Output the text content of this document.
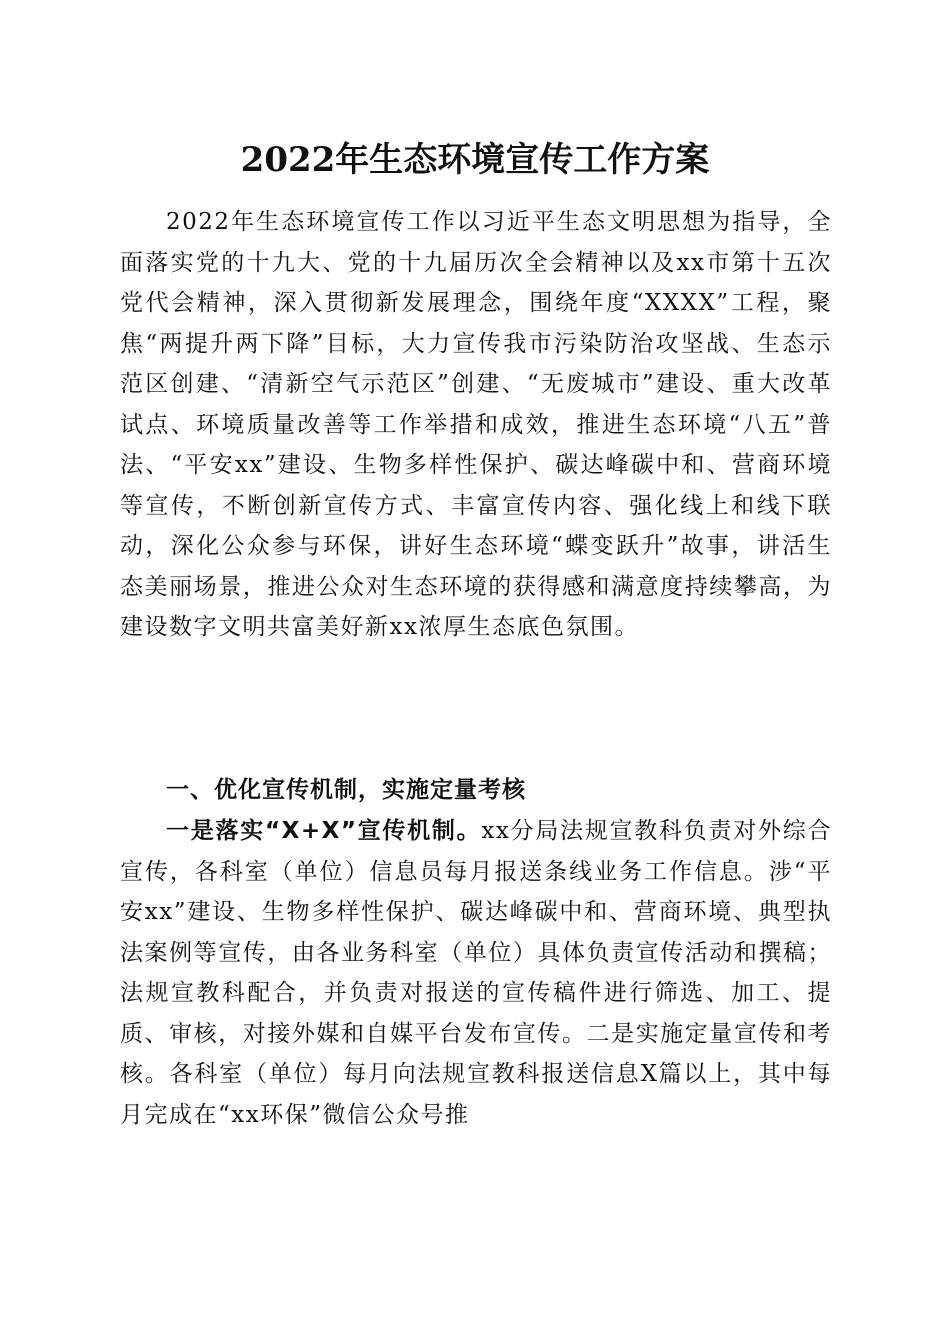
2022年生态环境宣传工作方案

2022年生态环境宣传工作以习近平生态文明思想为指导，全面落实党的十九大、党的十九届历次全会精神以及xx市第十五次党代会精神，深入贯彻新发展理念，围绕年度“XXXX”工程，聚焦“两提升两下降”目标，大力宣传我市污染防治攻坚战、生态示范区创建、“清新空气示范区”创建、“无废城市”建设、重大改革试点、环境质量改善等工作举措和成效，推进生态环境“八五”普法、“平安xx”建设、生物多样性保护、碳达峰碳中和、营商环境等宣传，不断创新宣传方式、丰富宣传内容、强化线上和线下联动，深化公众参与环保，讲好生态环境“蝶变跃升”故事，讲活生态美丽场景，推进公众对生态环境的获得感和满意度持续攀高，为建设数字文明共富美好新xx浓厚生态底色氛围。

一、优化宣传机制，实施定量考核

一是落实“X+X”宣传机制。xx分局法规宣教科负责对外综合宣传，各科室（单位）信息员每月报送条线业务工作信息。涉“平安xx”建设、生物多样性保护、碳达峰碳中和、营商环境、典型执法案例等宣传，由各业务科室（单位）具体负责宣传活动和撰稿；法规宣教科配合，并负责对报送的宣传稿件进行筛选、加工、提质、审核，对接外媒和自媒平台发布宣传。二是实施定量宣传和考核。各科室（单位）每月向法规宣教科报送信息X篇以上，其中每月完成在“xx环保”微信公众号推
